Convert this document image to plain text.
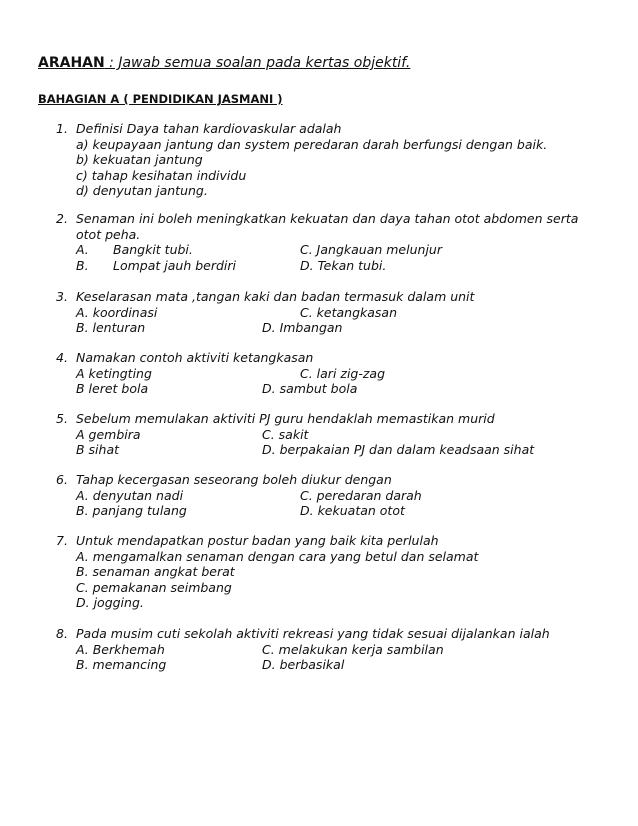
ARAHAN : Jawab semua soalan pada kertas objektif.
BAHAGIAN A ( PENDIDIKAN JASMANI )
1. Definisi Daya tahan kardiovaskular adalah
a) keupayaan jantung dan system peredaran darah berfungsi dengan baik.
b) kekuatan jantung
c) tahap kesihatan individu
d) denyutan jantung.
2. Senaman ini boleh meningkatkan kekuatan dan daya tahan otot abdomen serta
otot peha.
A. Bangkit tubi.	C. Jangkauan melunjur
B. Lompat jauh berdiri	D. Tekan tubi.
3. Keselarasan mata ,tangan kaki dan badan termasuk dalam unit
A. koordinasi	C. ketangkasan
B. lenturan	D. Imbangan
4. Namakan contoh aktiviti ketangkasan
A ketingting	C. lari zig-zag
B leret bola	D. sambut bola
5. Sebelum memulakan aktiviti PJ guru hendaklah memastikan murid
A gembira	C. sakit
B sihat	D. berpakaian PJ dan dalam keadsaan sihat
6. Tahap kecergasan seseorang boleh diukur dengan
A. denyutan nadi	C. peredaran darah
B. panjang tulang	D. kekuatan otot
7. Untuk mendapatkan postur badan yang baik kita perlulah
A. mengamalkan senaman dengan cara yang betul dan selamat
B. senaman angkat berat
C. pemakanan seimbang
D. jogging.
8. Pada musim cuti sekolah aktiviti rekreasi yang tidak sesuai dijalankan ialah
A. Berkhemah	C. melakukan kerja sambilan
B. memancing	D. berbasikal
